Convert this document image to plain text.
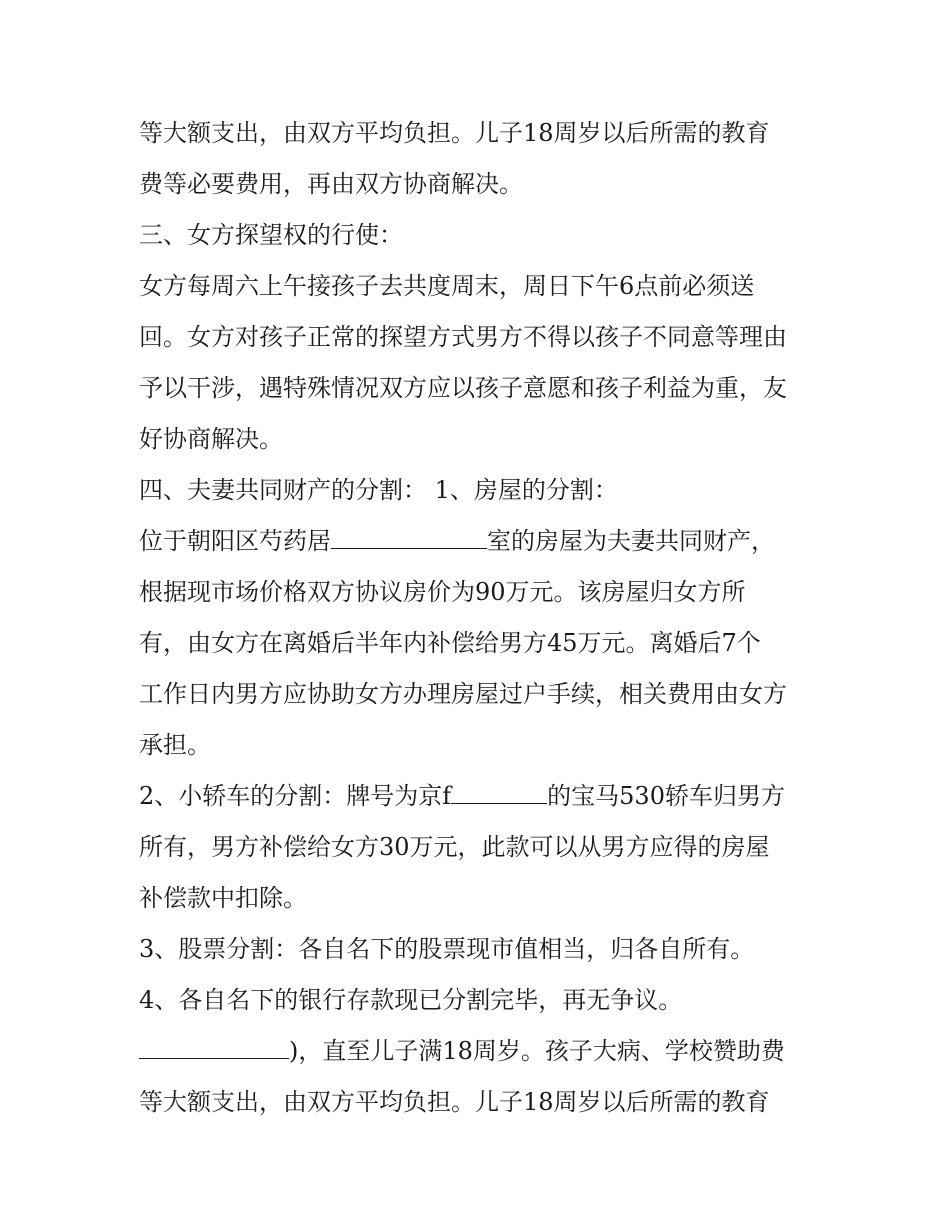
等大额支出，由双方平均负担。儿子18周岁以后所需的教育
费等必要费用，再由双方协商解决。
三、女方探望权的行使：
女方每周六上午接孩子去共度周末，周日下午6点前必须送
回。女方对孩子正常的探望方式男方不得以孩子不同意等理由
予以干涉，遇特殊情况双方应以孩子意愿和孩子利益为重，友
好协商解决。
四、夫妻共同财产的分割： 1、房屋的分割：
位于朝阳区芍药居	室的房屋为夫妻共同财产，
根据现市场价格双方协议房价为90万元。该房屋归女方所
有，由女方在离婚后半年内补偿给男方45万元。离婚后7个
工作日内男方应协助女方办理房屋过户手续，相关费用由女方
承担。
2、小轿车的分割：牌号为京f	的宝马530轿车归男方
所有，男方补偿给女方30万元，此款可以从男方应得的房屋
补偿款中扣除。
3、股票分割：各自名下的股票现市值相当，归各自所有。
4、各自名下的银行存款现已分割完毕，再无争议。
)，直至儿子满18周岁。孩子大病、学校赞助费
等大额支出，由双方平均负担。儿子18周岁以后所需的教育
